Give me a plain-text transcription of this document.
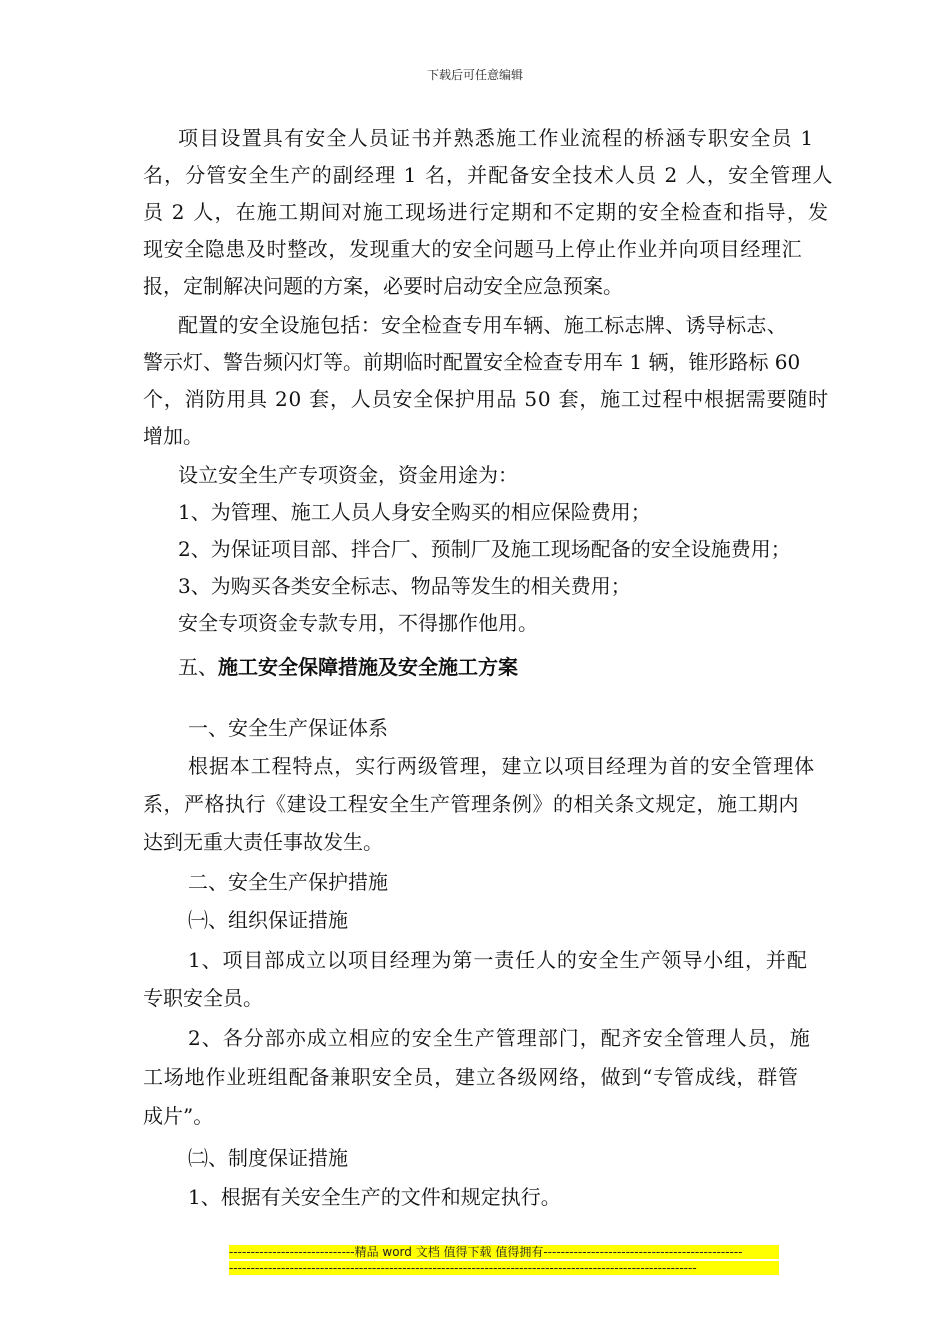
下载后可任意编辑
项目设置具有安全人员证书并熟悉施工作业流程的桥涵专职安全员 1
名，分管安全生产的副经理 1 名，并配备安全技术人员 2 人，安全管理人
员 2 人，在施工期间对施工现场进行定期和不定期的安全检查和指导，发
现安全隐患及时整改，发现重大的安全问题马上停止作业并向项目经理汇
报，定制解决问题的方案，必要时启动安全应急预案。
配置的安全设施包括：安全检查专用车辆、施工标志牌、诱导标志、
警示灯、警告频闪灯等。前期临时配置安全检查专用车 1 辆，锥形路标 60
个，消防用具 20 套，人员安全保护用品 50 套，施工过程中根据需要随时
增加。
设立安全生产专项资金，资金用途为：
1、为管理、施工人员人身安全购买的相应保险费用；
2、为保证项目部、拌合厂、预制厂及施工现场配备的安全设施费用；
3、为购买各类安全标志、物品等发生的相关费用；
安全专项资金专款专用，不得挪作他用。
五、施工安全保障措施及安全施工方案
一、安全生产保证体系
根据本工程特点，实行两级管理，建立以项目经理为首的安全管理体
系，严格执行《建设工程安全生产管理条例》的相关条文规定，施工期内
达到无重大责任事故发生。
二、安全生产保护措施
㈠、组织保证措施
1、项目部成立以项目经理为第一责任人的安全生产领导小组，并配
专职安全员。
2、各分部亦成立相应的安全生产管理部门，配齐安全管理人员，施
工场地作业班组配备兼职安全员，建立各级网络，做到“专管成线，群管
成片”。
㈡、制度保证措施
1、根据有关安全生产的文件和规定执行。
-----------------------------精品 word 文档 值得下载 值得拥有----------------------------------------------
------------------------------------------------------------------------------------------------------------
